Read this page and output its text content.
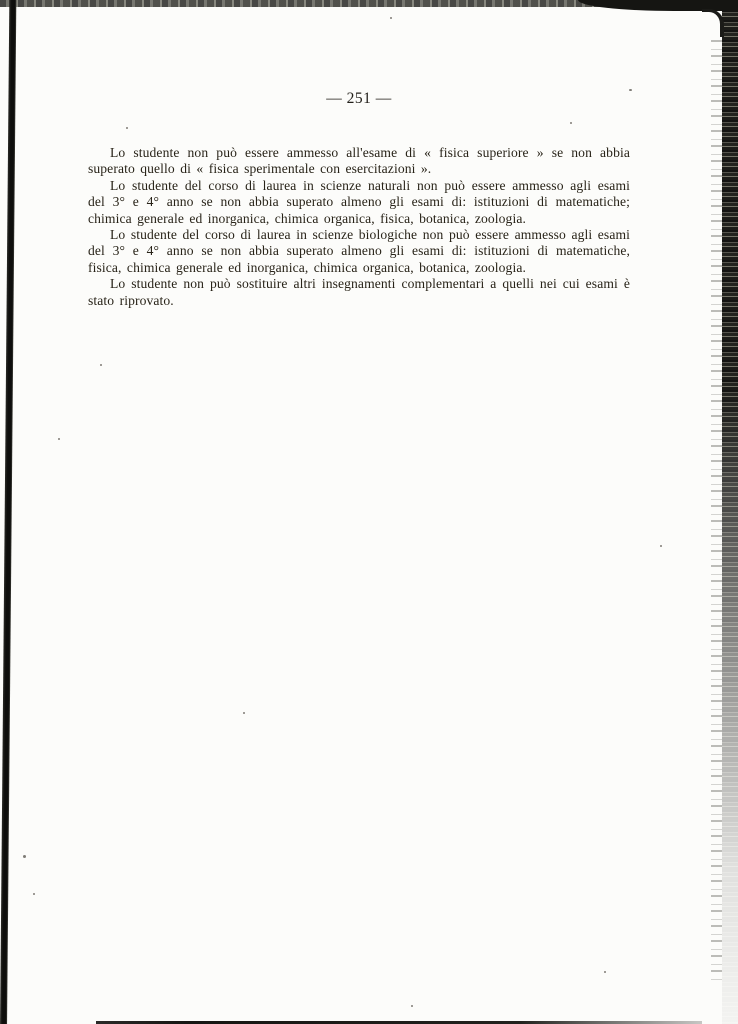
— 251 —

Lo studente non può essere ammesso all'esame di « fisica superiore » se non abbia superato quello di « fisica sperimentale con esercitazioni ».

Lo studente del corso di laurea in scienze naturali non può essere ammesso agli esami del 3° e 4° anno se non abbia superato almeno gli esami di: istituzioni di matematiche; chimica generale ed inorganica, chimica organica, fisica, botanica, zoologia.

Lo studente del corso di laurea in scienze biologiche non può essere ammesso agli esami del 3° e 4° anno se non abbia superato almeno gli esami di: istituzioni di matematiche, fisica, chimica generale ed inorganica, chimica organica, botanica, zoologia.

Lo studente non può sostituire altri insegnamenti complementari a quelli nei cui esami è stato riprovato.
